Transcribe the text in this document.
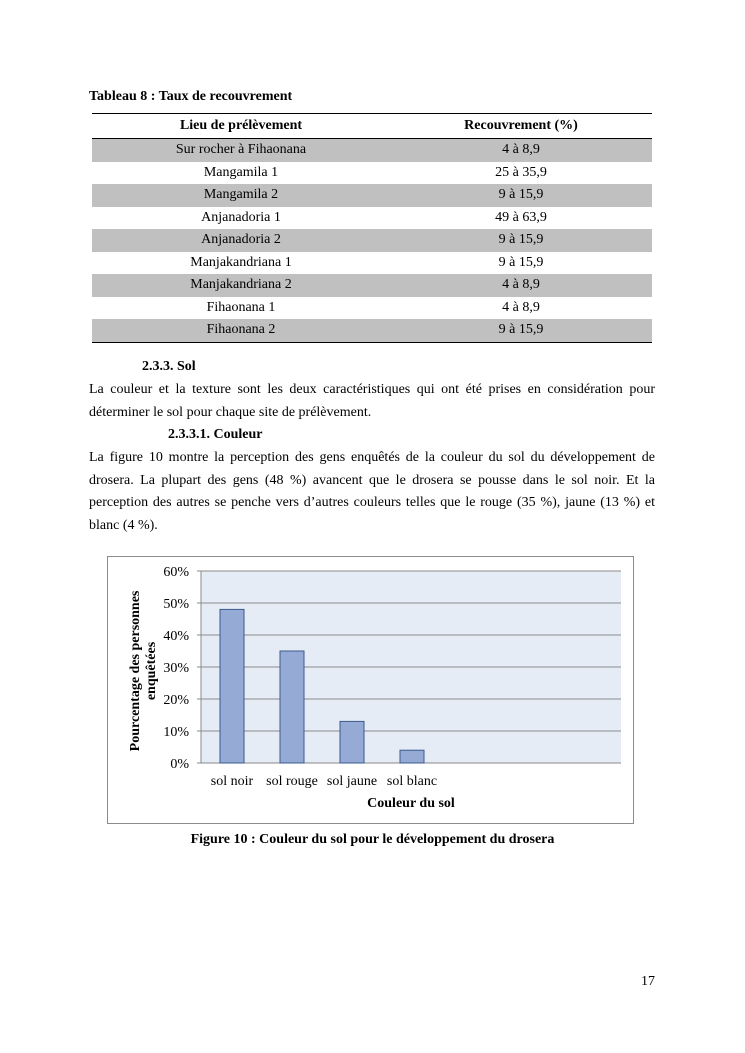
Tableau 8 : Taux de recouvrement
Lieu de prélèvement	Recouvrement (%)
Sur rocher à Fihaonana	4 à 8,9
Mangamila 1	25 à 35,9
Mangamila 2	9 à 15,9
Anjanadoria 1	49 à 63,9
Anjanadoria 2	9 à 15,9
Manjakandriana 1	9 à 15,9
Manjakandriana 2	4 à 8,9
Fihaonana 1	4 à 8,9
Fihaonana 2	9 à 15,9
2.3.3. Sol
La couleur et la texture sont les deux caractéristiques qui ont été prises en considération pour déterminer le sol pour chaque site de prélèvement.
2.3.3.1. Couleur
La figure 10 montre la perception des gens enquêtés de la couleur du sol du développement de drosera. La plupart des gens (48 %) avancent que le drosera se pousse dans le sol noir. Et la perception des autres se penche vers d’autres couleurs telles que le rouge (35 %), jaune (13 %) et blanc (4 %).
0%
10%
20%
30%
40%
50%
60%
sol noir sol rouge sol jaune sol blanc
Couleur du sol
Pourcentage des personnes enquêtées
Figure 10 : Couleur du sol pour le développement du drosera
17
